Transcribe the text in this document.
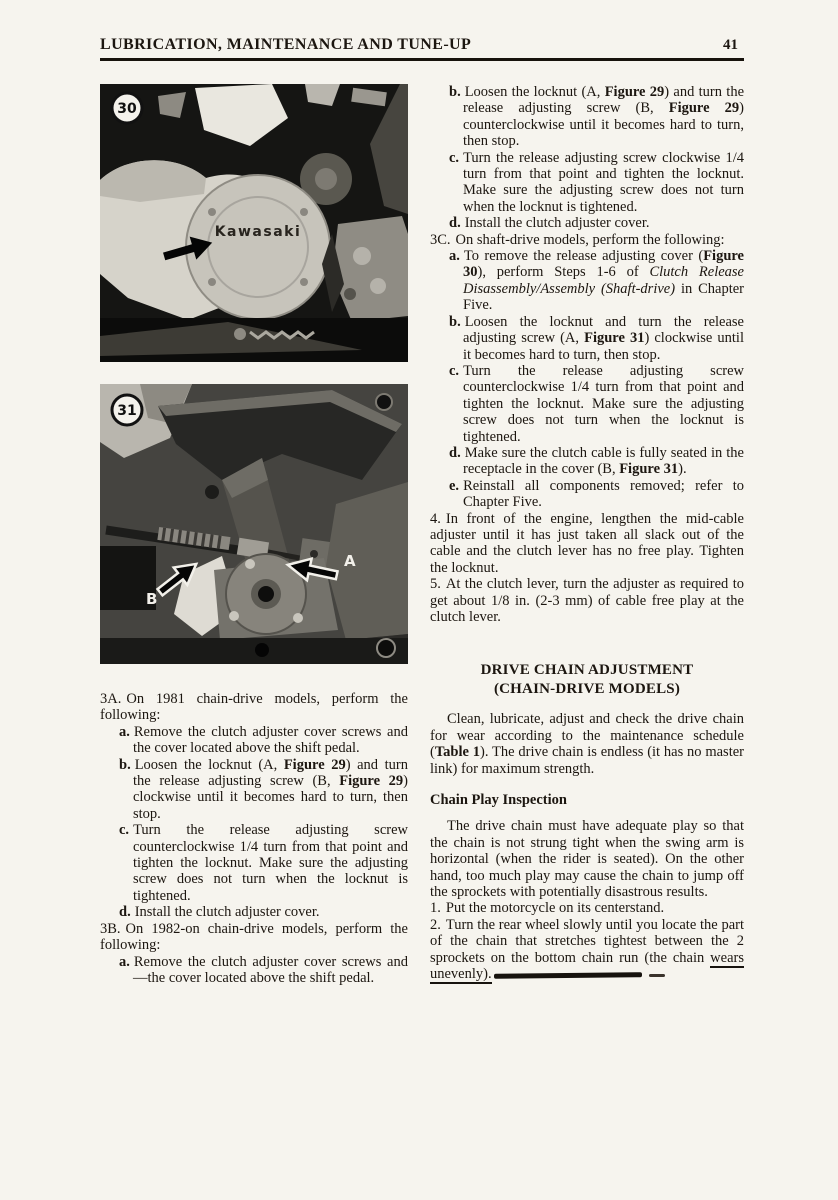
LUBRICATION, MAINTENANCE AND TUNE-UP	41
Kawasaki
30
B
A
31

3A. On 1981 chain-drive models, perform the following:

a. Remove the clutch adjuster cover screws and the cover located above the shift pedal.

b. Loosen the locknut (A, Figure 29) and turn the release adjusting screw (B, Figure 29) clockwise until it becomes hard to turn, then stop.

c. Turn the release adjusting screw counterclockwise 1/4 turn from that point and tighten the locknut. Make sure the adjusting screw does not turn when the locknut is tightened.

d. Install the clutch adjuster cover.

3B. On 1982-on chain-drive models, perform the following:

a. Remove the clutch adjuster cover screws and —the cover located above the shift pedal.

b. Loosen the locknut (A, Figure 29) and turn the release adjusting screw (B, Figure 29) counterclockwise until it becomes hard to turn, then stop.

c. Turn the release adjusting screw clockwise 1/4 turn from that point and tighten the locknut. Make sure the adjusting screw does not turn when the locknut is tightened.

d. Install the clutch adjuster cover.

3C. On shaft-drive models, perform the following:

a. To remove the release adjusting cover (Figure 30), perform Steps 1-6 of Clutch Release Disassembly/Assembly (Shaft-drive) in Chapter Five.

b. Loosen the locknut and turn the release adjusting screw (A, Figure 31) clockwise until it becomes hard to turn, then stop.

c. Turn the release adjusting screw counterclockwise 1/4 turn from that point and tighten the locknut. Make sure the adjusting screw does not turn when the locknut is tightened.

d. Make sure the clutch cable is fully seated in the receptacle in the cover (B, Figure 31).

e. Reinstall all components removed; refer to Chapter Five.

4. In front of the engine, lengthen the mid-cable adjuster until it has just taken all slack out of the cable and the clutch lever has no free play. Tighten the locknut.

5. At the clutch lever, turn the adjuster as required to get about 1/8 in. (2-3 mm) of cable free play at the clutch lever.

DRIVE CHAIN ADJUSTMENT
(CHAIN-DRIVE MODELS)

Clean, lubricate, adjust and check the drive chain for wear according to the maintenance schedule (Table 1). The drive chain is endless (it has no master link) for maximum strength.

Chain Play Inspection

The drive chain must have adequate play so that the chain is not strung tight when the swing arm is horizontal (when the rider is seated). On the other hand, too much play may cause the chain to jump off the sprockets with potentially disastrous results.

1. Put the motorcycle on its centerstand.

2. Turn the rear wheel slowly until you locate the part of the chain that stretches tightest between the 2 sprockets on the bottom chain run (the chain wears unevenly).
